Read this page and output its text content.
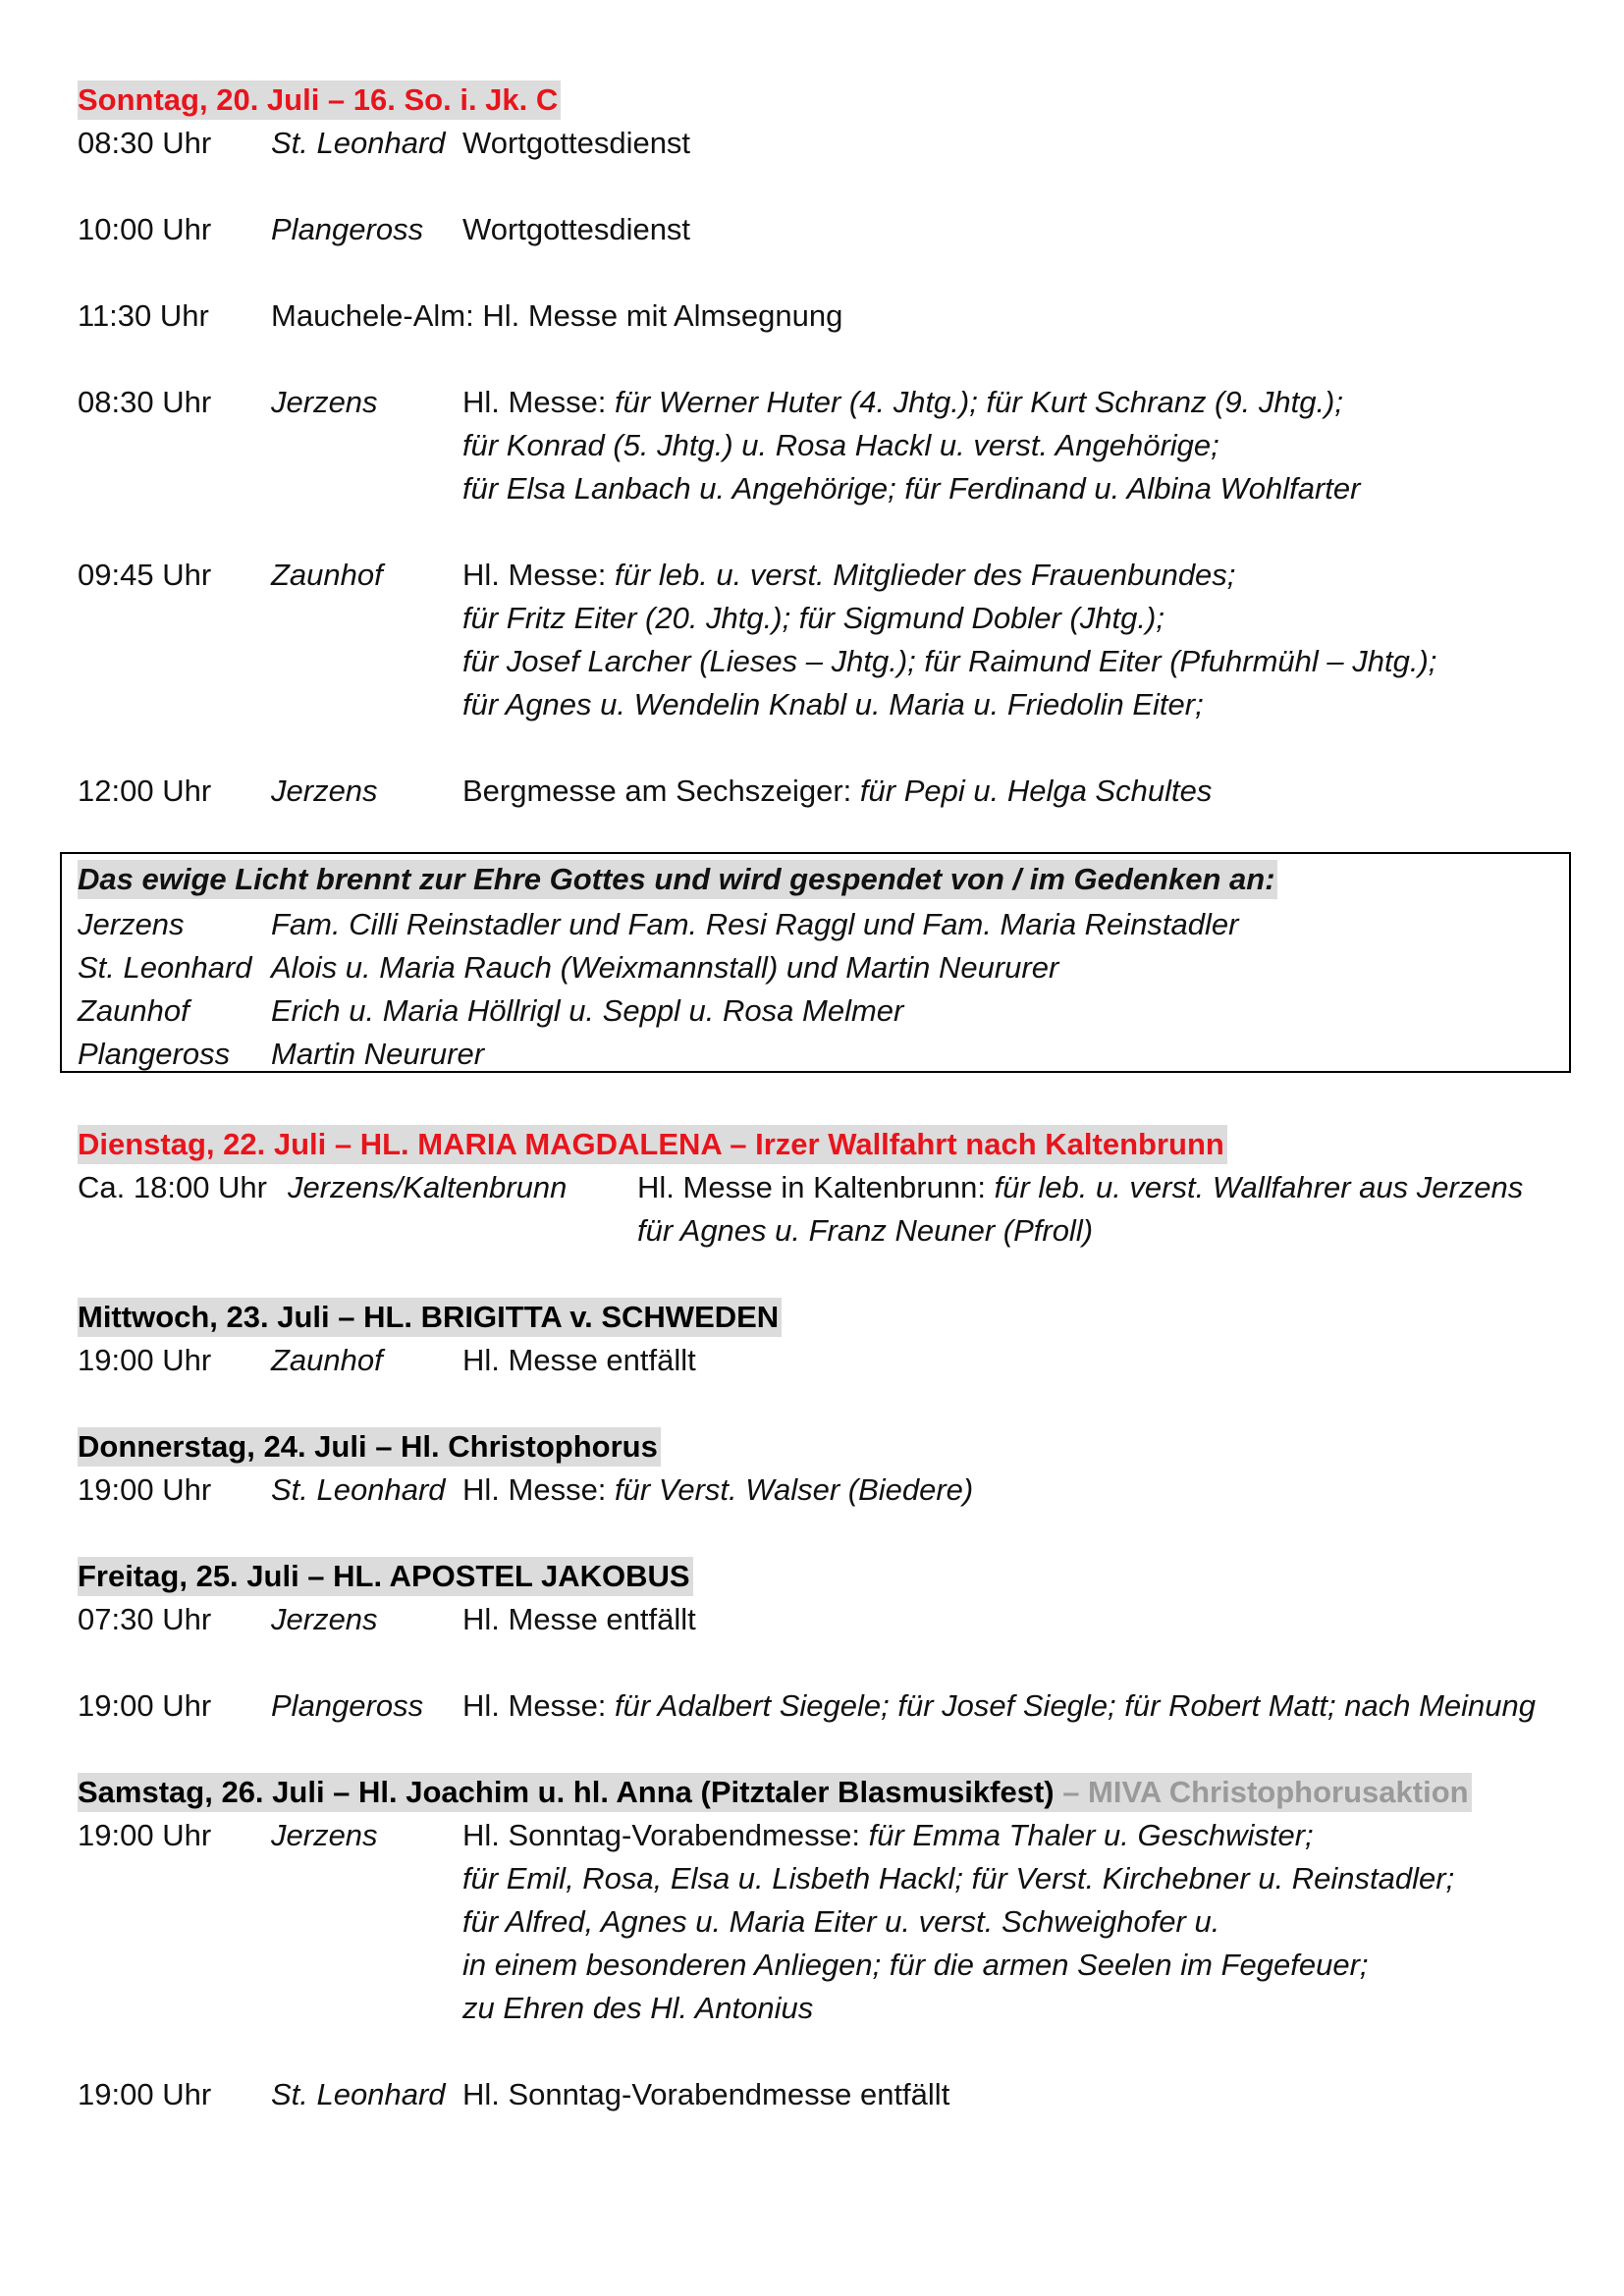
Sonntag, 20. Juli – 16. So. i. Jk. C
08:30 Uhr St. Leonhard Wortgottesdienst
10:00 Uhr Plangeross Wortgottesdienst
11:30 Uhr Mauchele-Alm: Hl. Messe mit Almsegnung
08:30 Uhr Jerzens	Hl. Messe: für Werner Huter (4. Jhtg.); für Kurt Schranz (9. Jhtg.);
für Konrad (5. Jhtg.) u. Rosa Hackl u. verst. Angehörige;
für Elsa Lanbach u. Angehörige; für Ferdinand u. Albina Wohlfarter
09:45 Uhr Zaunhof	Hl. Messe: für leb. u. verst. Mitglieder des Frauenbundes;
für Fritz Eiter (20. Jhtg.); für Sigmund Dobler (Jhtg.);
für Josef Larcher (Lieses – Jhtg.); für Raimund Eiter (Pfuhrmühl – Jhtg.);
für Agnes u. Wendelin Knabl u. Maria u. Friedolin Eiter;
12:00 Uhr Jerzens	Bergmesse am Sechszeiger: für Pepi u. Helga Schultes
Das ewige Licht brennt zur Ehre Gottes und wird gespendet von / im Gedenken an:
Jerzens	Fam. Cilli Reinstadler und Fam. Resi Raggl und Fam. Maria Reinstadler
St. Leonhard Alois u. Maria Rauch (Weixmannstall) und Martin Neururer
Zaunhof	Erich u. Maria Höllrigl u. Seppl u. Rosa Melmer
Plangeross Martin Neururer
Dienstag, 22. Juli – HL. MARIA MAGDALENA – Irzer Wallfahrt nach Kaltenbrunn
Ca. 18:00 Uhr Jerzens/Kaltenbrunn Hl. Messe in Kaltenbrunn: für leb. u. verst. Wallfahrer aus Jerzens
für Agnes u. Franz Neuner (Pfroll)
Mittwoch, 23. Juli – HL. BRIGITTA v. SCHWEDEN
19:00 Uhr Zaunhof	Hl. Messe entfällt
Donnerstag, 24. Juli – Hl. Christophorus
19:00 Uhr St. Leonhard Hl. Messe: für Verst. Walser (Biedere)
Freitag, 25. Juli – HL. APOSTEL JAKOBUS
07:30 Uhr Jerzens	Hl. Messe entfällt
19:00 Uhr Plangeross Hl. Messe: für Adalbert Siegele; für Josef Siegle; für Robert Matt; nach Meinung
Samstag, 26. Juli – Hl. Joachim u. hl. Anna (Pitztaler Blasmusikfest) – MIVA Christophorusaktion
19:00 Uhr Jerzens	Hl. Sonntag-Vorabendmesse: für Emma Thaler u. Geschwister;
für Emil, Rosa, Elsa u. Lisbeth Hackl; für Verst. Kirchebner u. Reinstadler;
für Alfred, Agnes u. Maria Eiter u. verst. Schweighofer u.
in einem besonderen Anliegen; für die armen Seelen im Fegefeuer;
zu Ehren des Hl. Antonius
19:00 Uhr St. Leonhard Hl. Sonntag-Vorabendmesse entfällt
